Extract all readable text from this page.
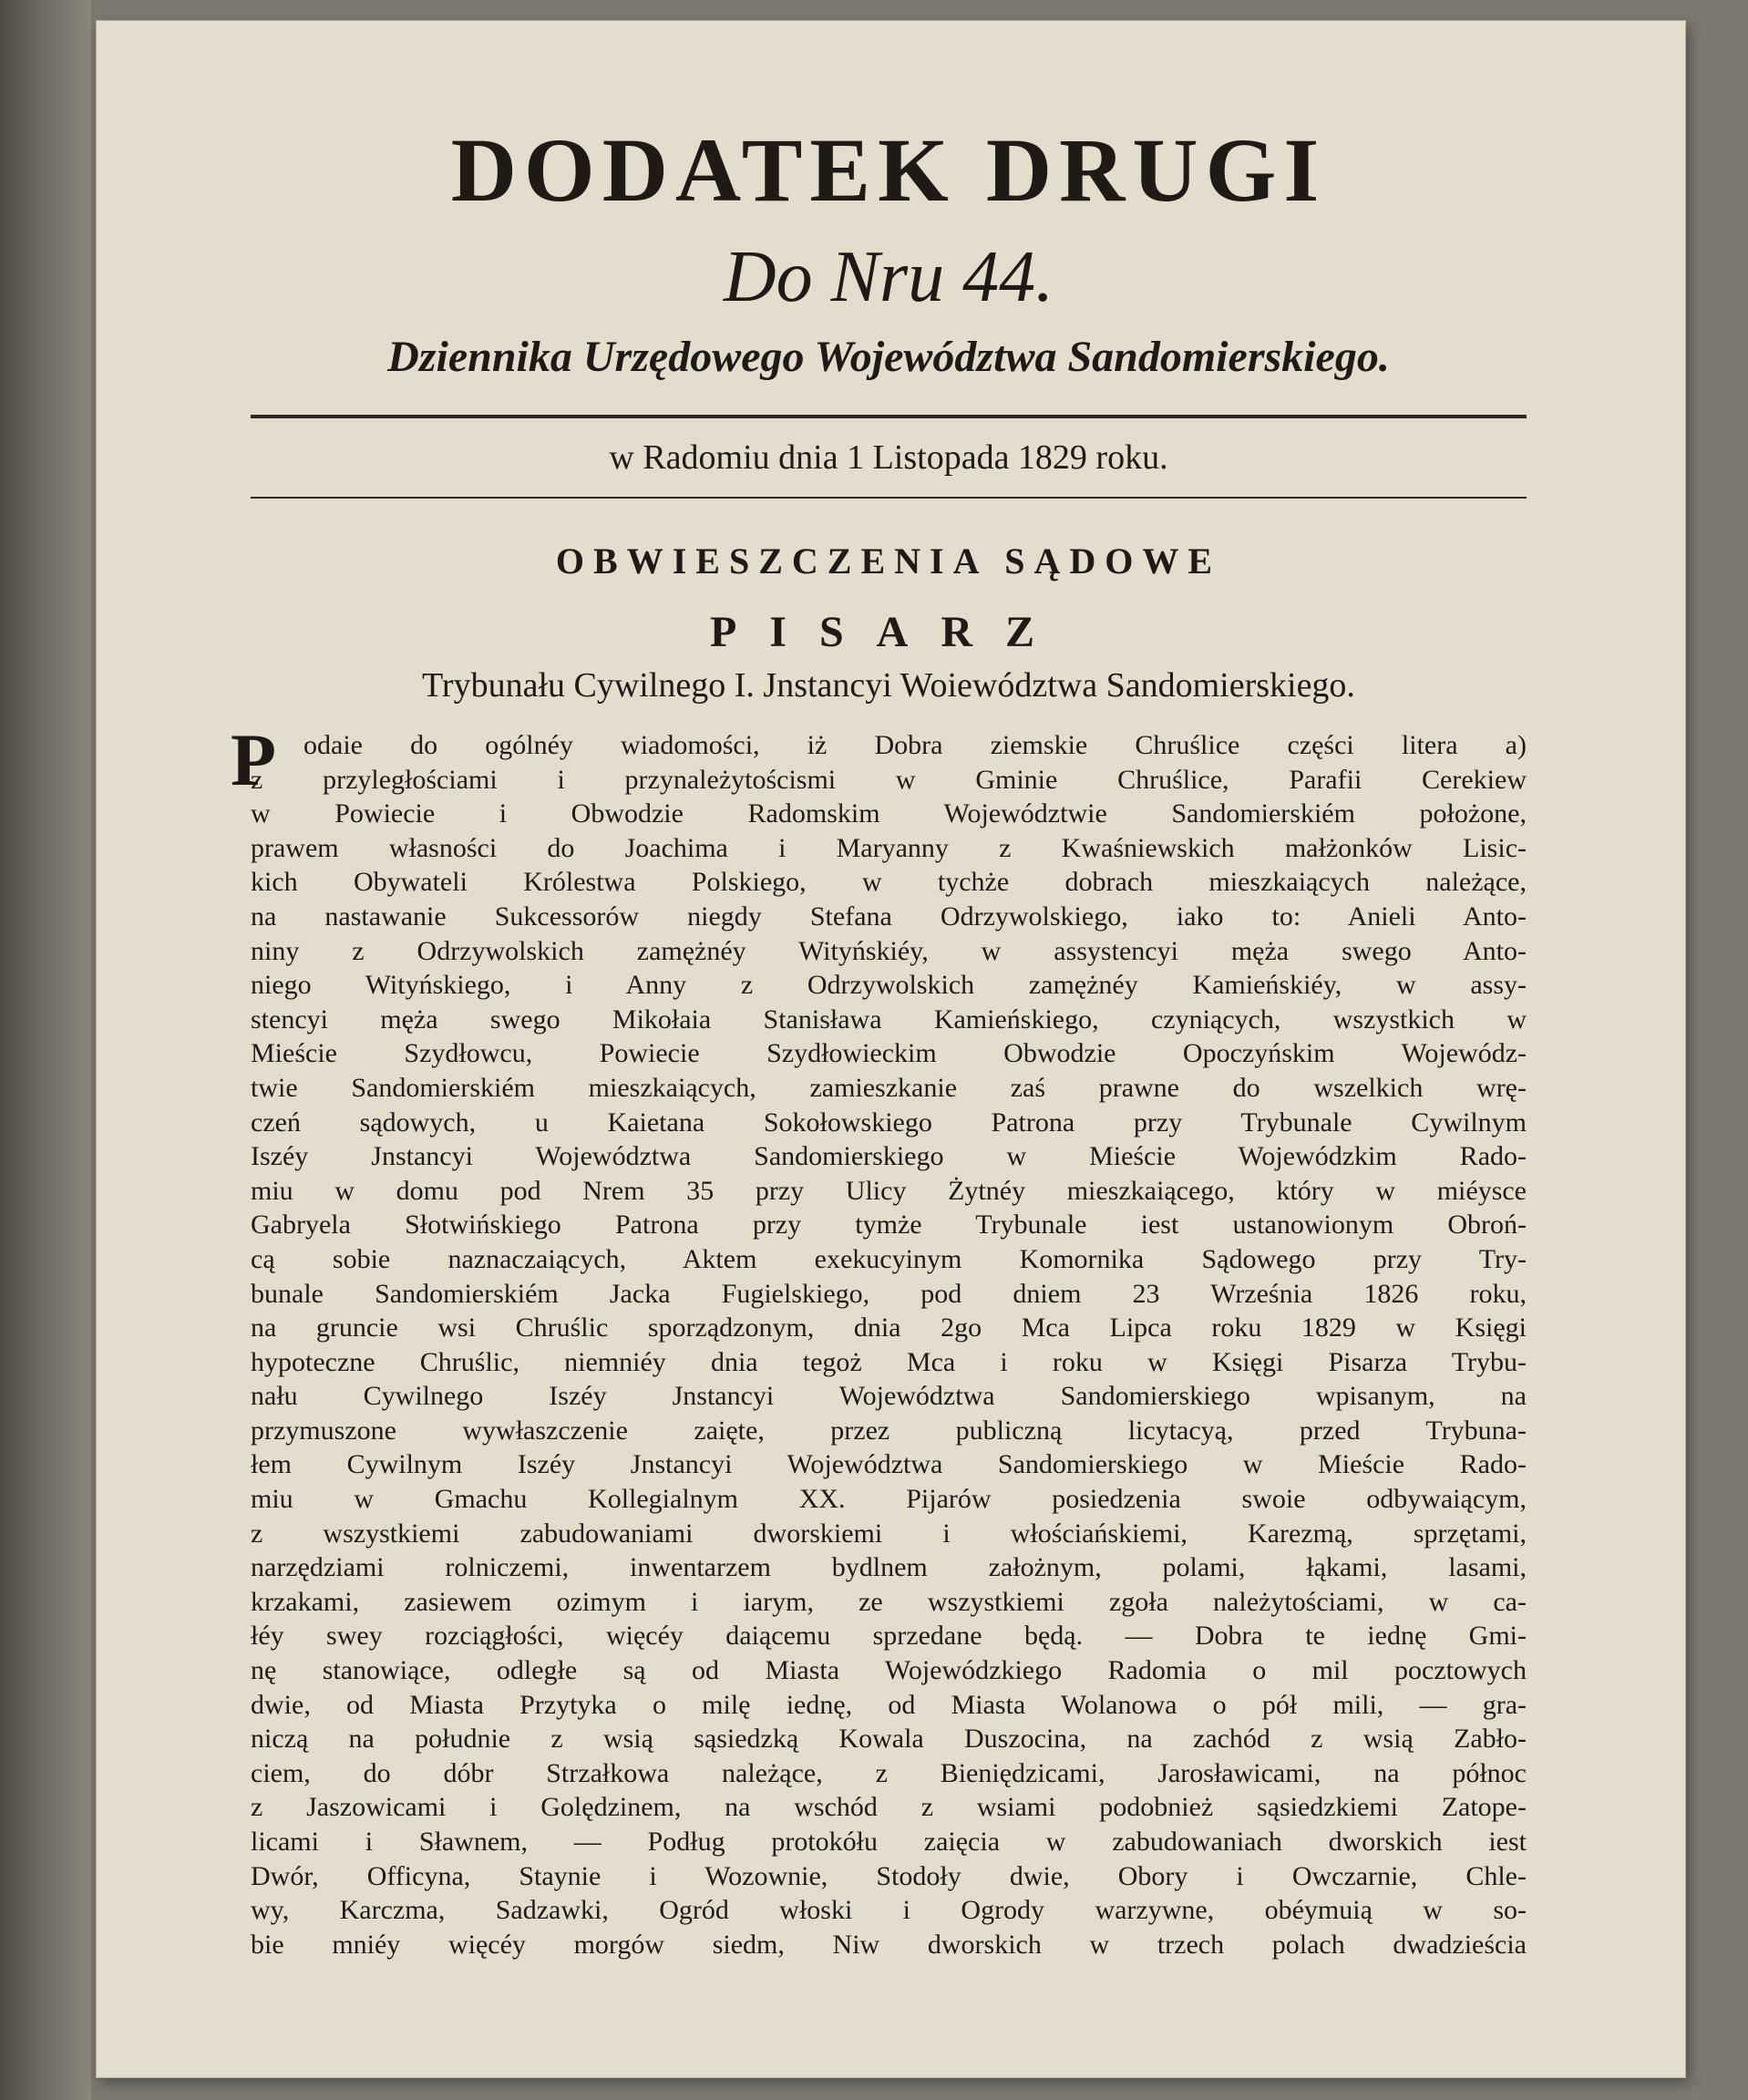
DODATEK DRUGI

Do Nru 44.

Dziennika Urzędowego Województwa Sandomierskiego.

w Radomiu dnia 1 Listopada 1829 roku.

OBWIESZCZENIA SĄDOWE
PISARZ

Trybunału Cywilnego I. Jnstancyi Woiewództwa Sandomierskiego.

P odaie do ogólnéy wiadomości, iż Dobra ziemskie Chruślice części litera a)
z przyległościami i przynależytoścismi w Gminie Chruślice, Parafii Cerekiew
w Powiecie i Obwodzie Radomskim Województwie Sandomierskiém położone,
prawem własności do Joachima i Maryanny z Kwaśniewskich małżonków Lisic-
kich Obywateli Królestwa Polskiego, w tychże dobrach mieszkaiących należące,
na nastawanie Sukcessorów niegdy Stefana Odrzywolskiego, iako to: Anieli Anto-
niny z Odrzywolskich zamężnéy Wityńskiéy, w assystencyi męża swego Anto-
niego Wityńskiego, i Anny z Odrzywolskich zamężnéy Kamieńskiéy, w assy-
stencyi męża swego Mikołaia Stanisława Kamieńskiego, czyniących, wszystkich w
Mieście Szydłowcu, Powiecie Szydłowieckim Obwodzie Opoczyńskim Wojewódz-
twie Sandomierskiém mieszkaiących, zamieszkanie zaś prawne do wszelkich wrę-
czeń sądowych, u Kaietana Sokołowskiego Patrona przy Trybunale Cywilnym
Iszéy Jnstancyi Województwa Sandomierskiego w Mieście Wojewódzkim Rado-
miu w domu pod Nrem 35 przy Ulicy Żytnéy mieszkaiącego, który w miéysce
Gabryela Słotwińskiego Patrona przy tymże Trybunale iest ustanowionym Obroń-
cą sobie naznaczaiących, Aktem exekucyinym Komornika Sądowego przy Try-
bunale Sandomierskiém Jacka Fugielskiego, pod dniem 23 Września 1826 roku,
na gruncie wsi Chruślic sporządzonym, dnia 2go Mca Lipca roku 1829 w Księgi
hypoteczne Chruślic, niemniéy dnia tegoż Mca i roku w Księgi Pisarza Trybu-
nału Cywilnego Iszéy Jnstancyi Województwa Sandomierskiego wpisanym, na
przymuszone wywłaszczenie zaięte, przez publiczną licytacyą, przed Trybuna-
łem Cywilnym Iszéy Jnstancyi Województwa Sandomierskiego w Mieście Rado-
miu w Gmachu Kollegialnym XX. Pijarów posiedzenia swoie odbywaiącym,
z wszystkiemi zabudowaniami dworskiemi i włościańskiemi, Karezmą, sprzętami,
narzędziami rolniczemi, inwentarzem bydlnem założnym, polami, łąkami, lasami,
krzakami, zasiewem ozimym i iarym, ze wszystkiemi zgoła należytościami, w ca-
łéy swey rozciągłości, więcéy daiącemu sprzedane będą. — Dobra te iednę Gmi-
nę stanowiące, odległe są od Miasta Wojewódzkiego Radomia o mil pocztowych
dwie, od Miasta Przytyka o milę iednę, od Miasta Wolanowa o pół mili, — gra-
niczą na południe z wsią sąsiedzką Kowala Duszocina, na zachód z wsią Zabło-
ciem, do dóbr Strzałkowa należące, z Bieniędzicami, Jarosławicami, na północ
z Jaszowicami i Golędzinem, na wschód z wsiami podobnież sąsiedzkiemi Zatope-
licami i Sławnem, — Podług protokółu zaięcia w zabudowaniach dworskich iest
Dwór, Officyna, Staynie i Wozownie, Stodoły dwie, Obory i Owczarnie, Chle-
wy, Karczma, Sadzawki, Ogród włoski i Ogrody warzywne, obéymuią w so-
bie mniéy więcéy morgów siedm, Niw dworskich w trzech polach dwadzieścia
